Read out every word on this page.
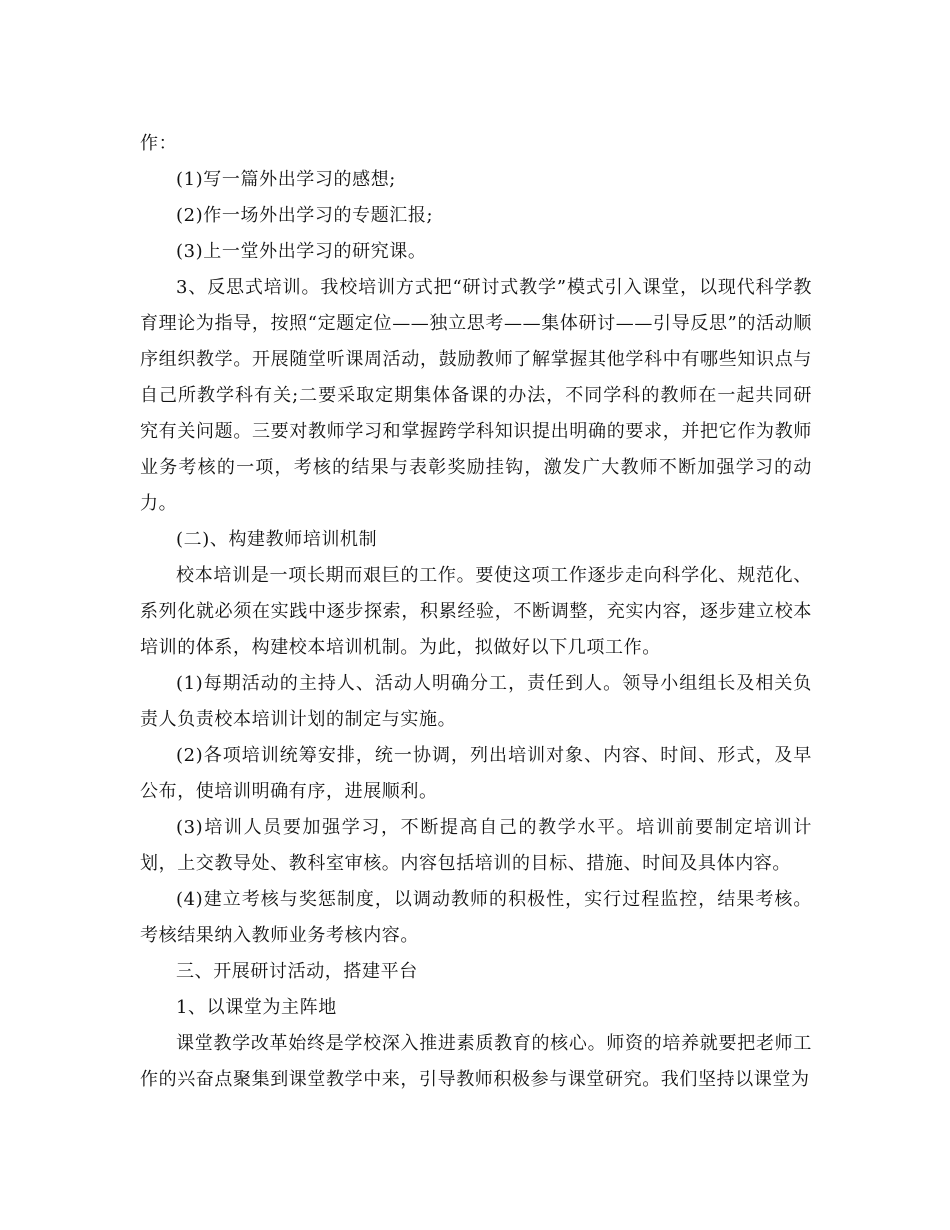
作：

(1)写一篇外出学习的感想;

(2)作一场外出学习的专题汇报;

(3)上一堂外出学习的研究课。

3、反思式培训。我校培训方式把“研讨式教学”模式引入课堂，以现代科学教育理论为指导，按照“定题定位——独立思考——集体研讨——引导反思”的活动顺序组织教学。开展随堂听课周活动，鼓励教师了解掌握其他学科中有哪些知识点与自己所教学科有关;二要采取定期集体备课的办法，不同学科的教师在一起共同研究有关问题。三要对教师学习和掌握跨学科知识提出明确的要求，并把它作为教师业务考核的一项，考核的结果与表彰奖励挂钩，激发广大教师不断加强学习的动力。

(二)、构建教师培训机制

校本培训是一项长期而艰巨的工作。要使这项工作逐步走向科学化、规范化、系列化就必须在实践中逐步探索，积累经验，不断调整，充实内容，逐步建立校本培训的体系，构建校本培训机制。为此，拟做好以下几项工作。

(1)每期活动的主持人、活动人明确分工，责任到人。领导小组组长及相关负责人负责校本培训计划的制定与实施。

(2)各项培训统筹安排，统一协调，列出培训对象、内容、时间、形式，及早公布，使培训明确有序，进展顺利。

(3)培训人员要加强学习，不断提高自己的教学水平。培训前要制定培训计划，上交教导处、教科室审核。内容包括培训的目标、措施、时间及具体内容。

(4)建立考核与奖惩制度，以调动教师的积极性，实行过程监控，结果考核。考核结果纳入教师业务考核内容。

三、开展研讨活动，搭建平台

1、以课堂为主阵地

课堂教学改革始终是学校深入推进素质教育的核心。师资的培养就要把老师工作的兴奋点聚集到课堂教学中来，引导教师积极参与课堂研究。我们坚持以课堂为
